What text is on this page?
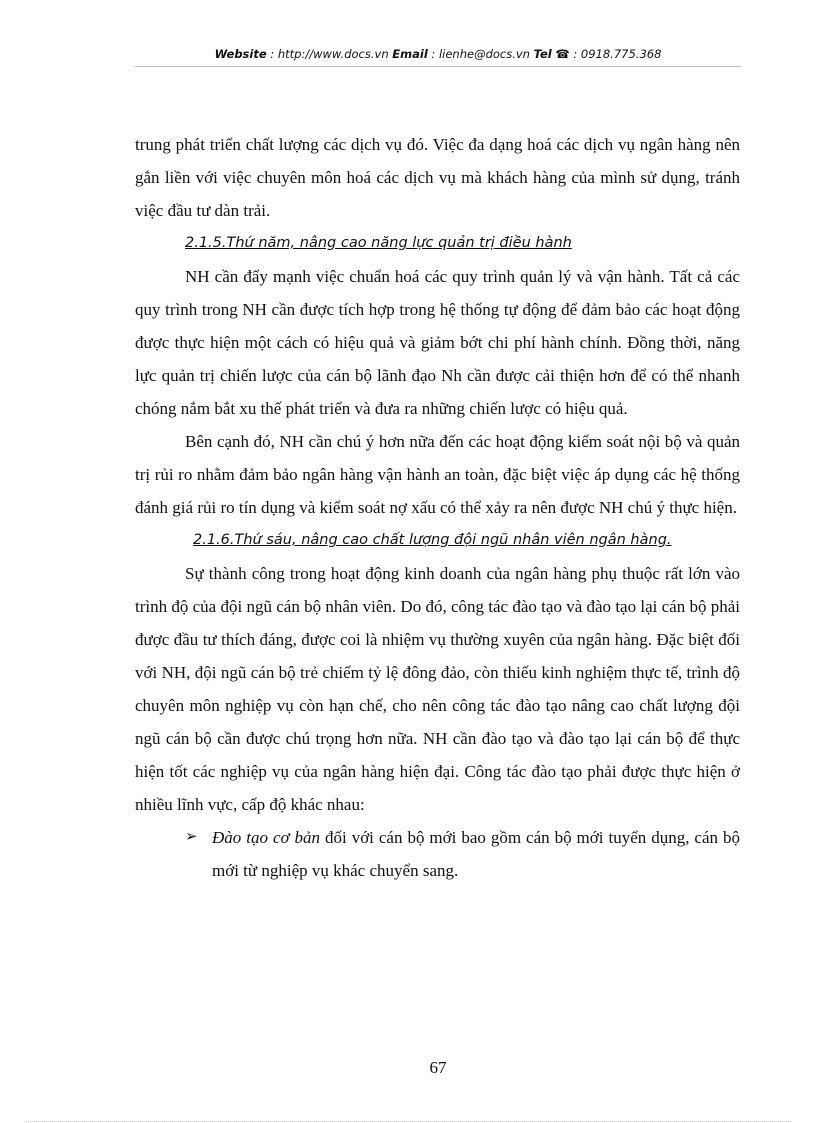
Website : http://www.docs.vn Email : lienhe@docs.vn Tel ☎ : 0918.775.368

trung phát triển chất lượng các dịch vụ đó. Việc đa dạng hoá các dịch vụ ngân hàng nên gắn liền với việc chuyên môn hoá các dịch vụ mà khách hàng của mình sử dụng, tránh việc đầu tư dàn trải.

2.1.5.Thứ năm, nâng cao năng lực quản trị điều hành

NH cần đẩy mạnh việc chuẩn hoá các quy trình quản lý và vận hành. Tất cả các quy trình trong NH cần được tích hợp trong hệ thống tự động để đảm bảo các hoạt động được thực hiện một cách có hiệu quả và giảm bớt chi phí hành chính. Đồng thời, năng lực quản trị chiến lược của cán bộ lãnh đạo Nh cần được cải thiện hơn để có thể nhanh chóng nắm bắt xu thế phát triển và đưa ra những chiến lược có hiệu quả.

Bên cạnh đó, NH cần chú ý hơn nữa đến các hoạt động kiểm soát nội bộ và quản trị rủi ro nhằm đảm bảo ngân hàng vận hành an toàn, đặc biệt việc áp dụng các hệ thống đánh giá rủi ro tín dụng và kiểm soát nợ xấu có thể xảy ra nên được NH chú ý thực hiện.

2.1.6.Thứ sáu, nâng cao chất lượng đội ngũ nhân viên ngân hàng.

Sự thành công trong hoạt động kinh doanh của ngân hàng phụ thuộc rất lớn vào trình độ của đội ngũ cán bộ nhân viên. Do đó, công tác đào tạo và đào tạo lại cán bộ phải được đầu tư thích đáng, được coi là nhiệm vụ thường xuyên của ngân hàng. Đặc biệt đối với NH, đội ngũ cán bộ trẻ chiếm tỷ lệ đông đảo, còn thiếu kinh nghiệm thực tế, trình độ chuyên môn nghiệp vụ còn hạn chế, cho nên công tác đào tạo nâng cao chất lượng đội ngũ cán bộ cần được chú trọng hơn nữa. NH cần đào tạo và đào tạo lại cán bộ để thực hiện tốt các nghiệp vụ của ngân hàng hiện đại. Công tác đào tạo phải được thực hiện ở nhiều lĩnh vực, cấp độ khác nhau:

➢ Đào tạo cơ bản đối với cán bộ mới bao gồm cán bộ mới tuyển dụng, cán bộ mới từ nghiệp vụ khác chuyển sang.

67
